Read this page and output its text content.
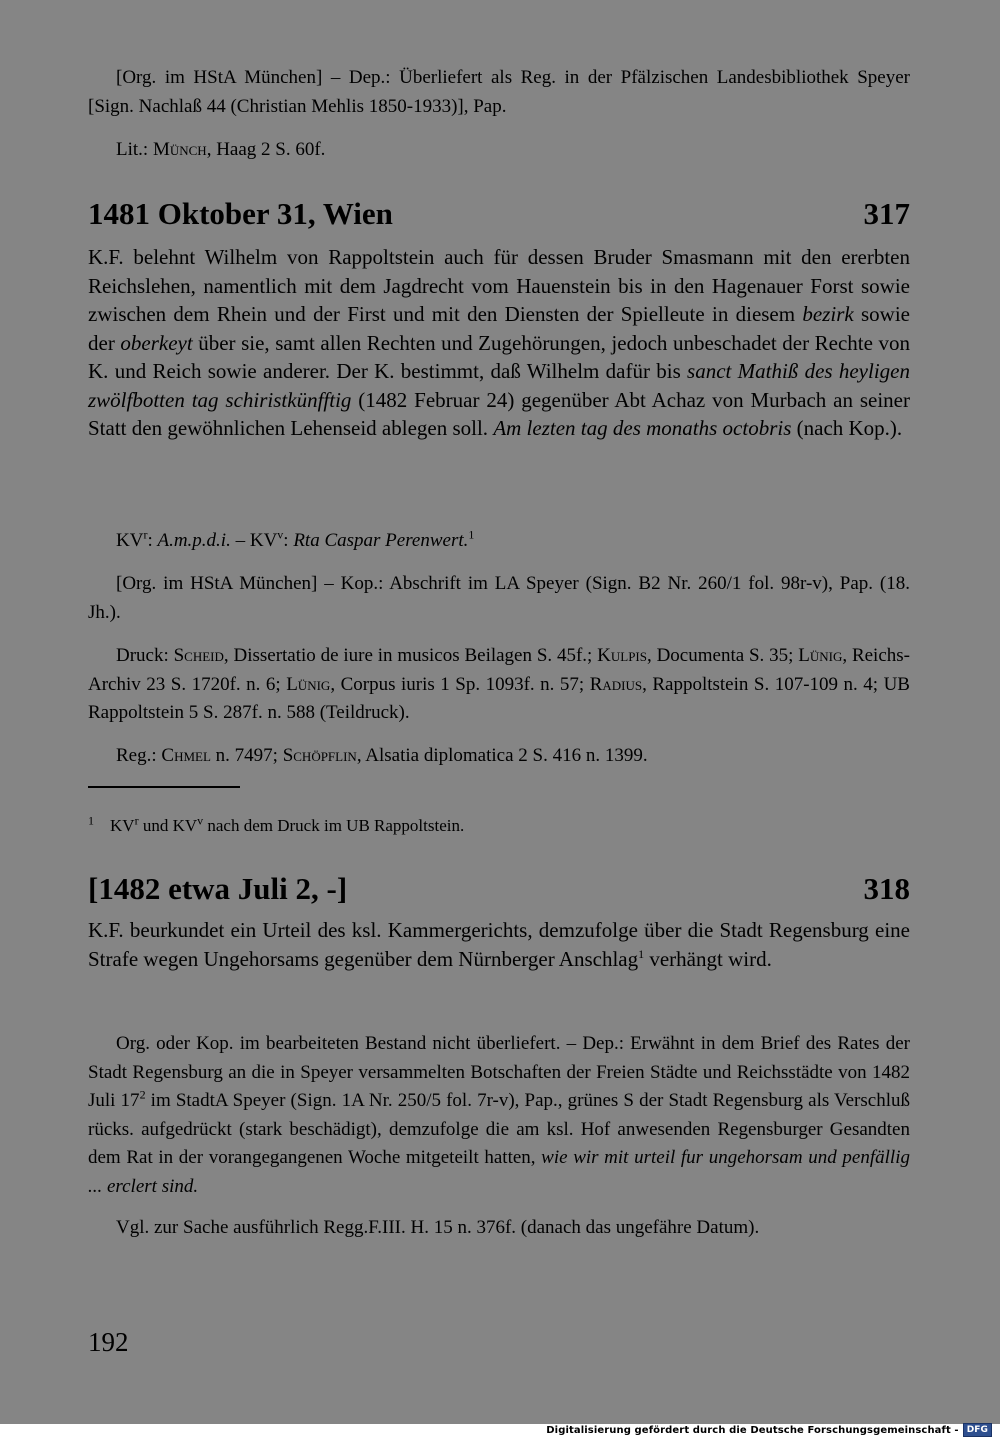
[Org. im HStA München] – Dep.: Überliefert als Reg. in der Pfälzischen Landesbibliothek Speyer [Sign. Nachlaß 44 (Christian Mehlis 1850-1933)], Pap.

Lit.: Münch, Haag 2 S. 60f.

1481 Oktober 31, Wien	317

K.F. belehnt Wilhelm von Rappoltstein auch für dessen Bruder Smasmann mit den ererbten Reichslehen, namentlich mit dem Jagdrecht vom Hauenstein bis in den Hagenauer Forst sowie zwischen dem Rhein und der First und mit den Diensten der Spielleute in diesem bezirk sowie der oberkeyt über sie, samt allen Rechten und Zugehörungen, jedoch unbeschadet der Rechte von K. und Reich sowie anderer. Der K. bestimmt, daß Wilhelm dafür bis sanct Mathiß des heyligen zwölfbotten tag schiristkünfftig (1482 Februar 24) gegenüber Abt Achaz von Murbach an seiner Statt den gewöhnlichen Lehenseid ablegen soll. Am lezten tag des monaths octobris (nach Kop.).

$KV^r$: A.m.p.d.i. – $KV^v$: Rta Caspar Perenwert.$^1$

[Org. im HStA München] – Kop.: Abschrift im LA Speyer (Sign. B2 Nr. 260/1 fol. 98r-v), Pap. (18. Jh.).

Druck: Scheid, Dissertatio de iure in musicos Beilagen S. 45f.; Kulpis, Documenta S. 35; Lünig, Reichs-Archiv 23 S. 1720f. n. 6; Lünig, Corpus iuris 1 Sp. 1093f. n. 57; Radius, Rappoltstein S. 107-109 n. 4; UB Rappoltstein 5 S. 287f. n. 588 (Teildruck).

Reg.: Chmel n. 7497; Schöpflin, Alsatia diplomatica 2 S. 416 n. 1399.

$^1$ $KV^r$ und $KV^v$ nach dem Druck im UB Rappoltstein.
[1482 etwa Juli 2, -]	318

K.F. beurkundet ein Urteil des ksl. Kammergerichts, demzufolge über die Stadt Regensburg eine Strafe wegen Ungehorsams gegenüber dem Nürnberger Anschlag$^1$ verhängt wird.

Org. oder Kop. im bearbeiteten Bestand nicht überliefert. – Dep.: Erwähnt in dem Brief des Rates der Stadt Regensburg an die in Speyer versammelten Botschaften der Freien Städte und Reichsstädte von 1482 Juli $17^2$ im StadtA Speyer (Sign. 1A Nr. 250/5 fol. 7r-v), Pap., grünes S der Stadt Regensburg als Verschluß rücks. aufgedrückt (stark beschädigt), demzufolge die am ksl. Hof anwesenden Regensburger Gesandten dem Rat in der vorangegangenen Woche mitgeteilt hatten, wie wir mit urteil fur ungehorsam und penfällig ... erclert sind.

Vgl. zur Sache ausführlich Regg.F.III. H. 15 n. 376f. (danach das ungefähre Datum).

192
Digitalisierung gefördert durch die Deutsche Forschungsgemeinschaft - DFG
